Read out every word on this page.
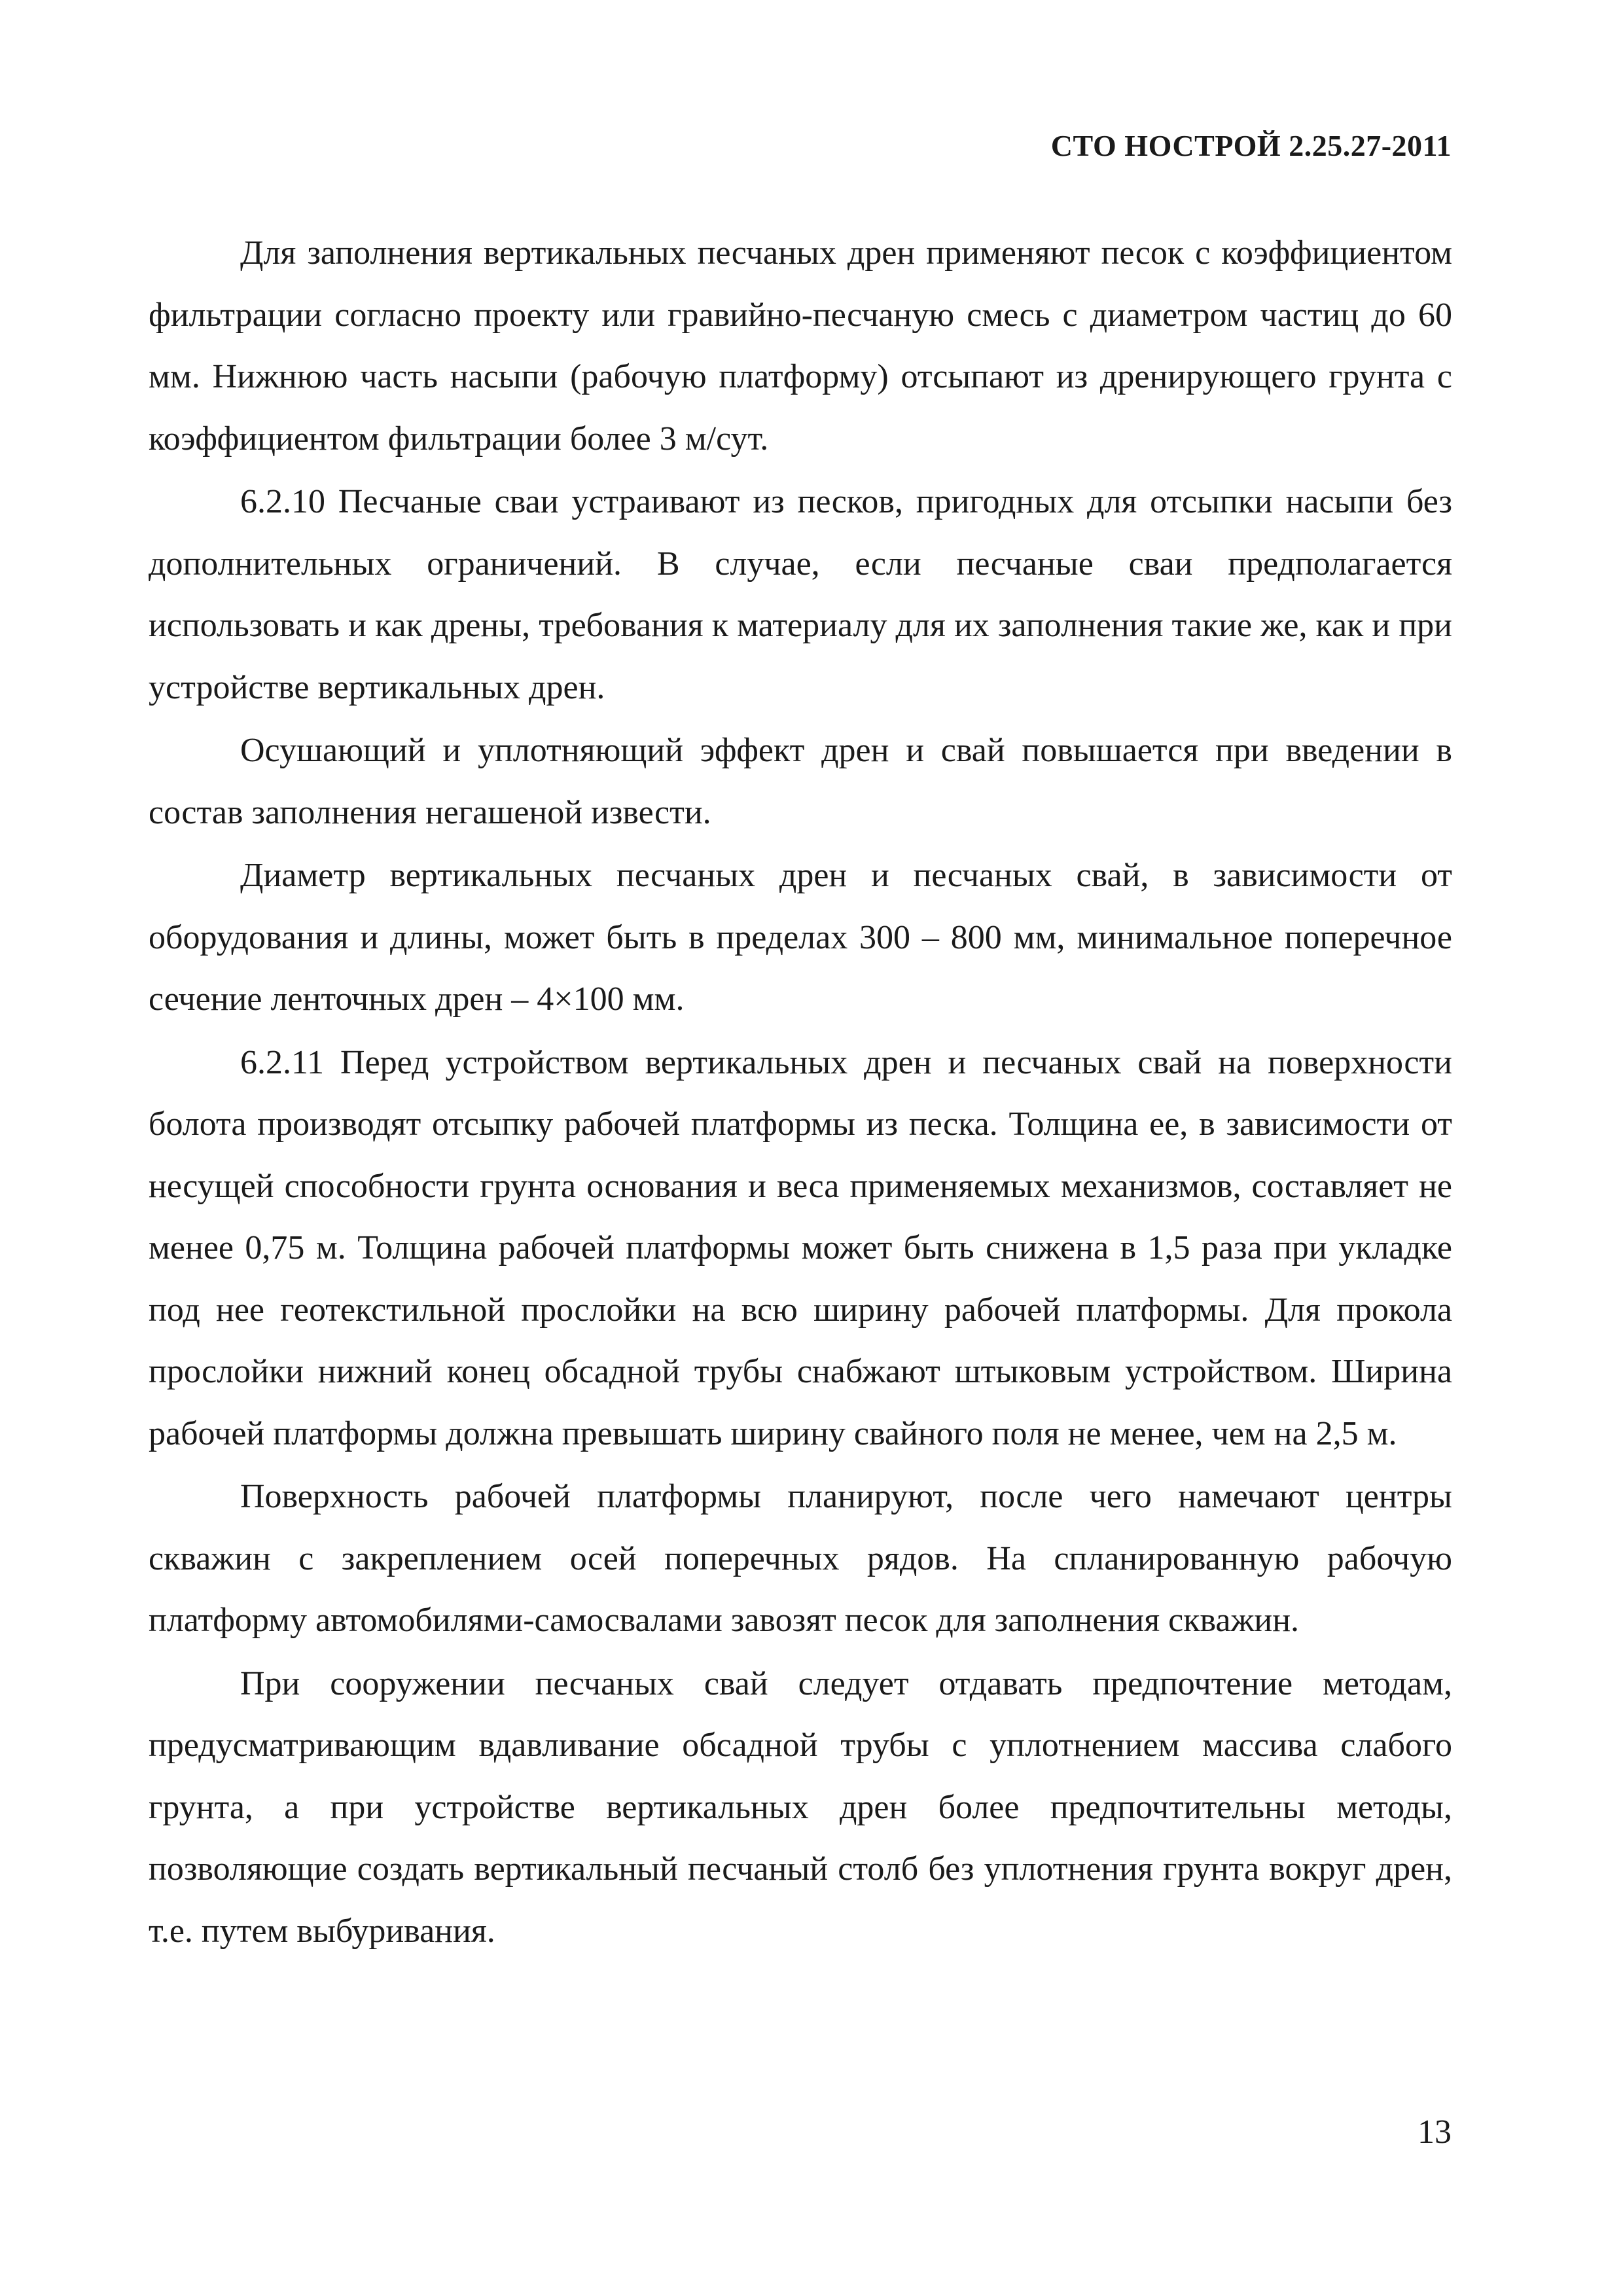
СТО НОСТРОЙ 2.25.27-2011

Для заполнения вертикальных песчаных дрен применяют песок с коэффициентом фильтрации согласно проекту или гравийно-песчаную смесь с диаметром частиц до 60 мм. Нижнюю часть насыпи (рабочую платформу) отсыпают из дренирующего грунта с коэффициентом фильтрации более 3 м/сут.

6.2.10 Песчаные сваи устраивают из песков, пригодных для отсыпки насыпи без дополнительных ограничений. В случае, если песчаные сваи предполагается использовать и как дрены, требования к материалу для их заполнения такие же, как и при устройстве вертикальных дрен.

Осушающий и уплотняющий эффект дрен и свай повышается при введении в состав заполнения негашеной извести.

Диаметр вертикальных песчаных дрен и песчаных свай, в зависимости от оборудования и длины, может быть в пределах 300 – 800 мм, минимальное поперечное сечение ленточных дрен – 4×100 мм.

6.2.11 Перед устройством вертикальных дрен и песчаных свай на поверхности болота производят отсыпку рабочей платформы из песка. Толщина ее, в зависимости от несущей способности грунта основания и веса применяемых механизмов, составляет не менее 0,75 м. Толщина рабочей платформы может быть снижена в 1,5 раза при укладке под нее геотекстильной прослойки на всю ширину рабочей платформы. Для прокола прослойки нижний конец обсадной трубы снабжают штыковым устройством. Ширина рабочей платформы должна превышать ширину свайного поля не менее, чем на 2,5 м.

Поверхность рабочей платформы планируют, после чего намечают центры скважин с закреплением осей поперечных рядов. На спланированную рабочую платформу автомобилями-самосвалами завозят песок для заполнения скважин.

При сооружении песчаных свай следует отдавать предпочтение методам, предусматривающим вдавливание обсадной трубы с уплотнением массива слабого грунта, а при устройстве вертикальных дрен более предпочтительны методы, позволяющие создать вертикальный песчаный столб без уплотнения грунта вокруг дрен, т.е. путем выбуривания.

13
